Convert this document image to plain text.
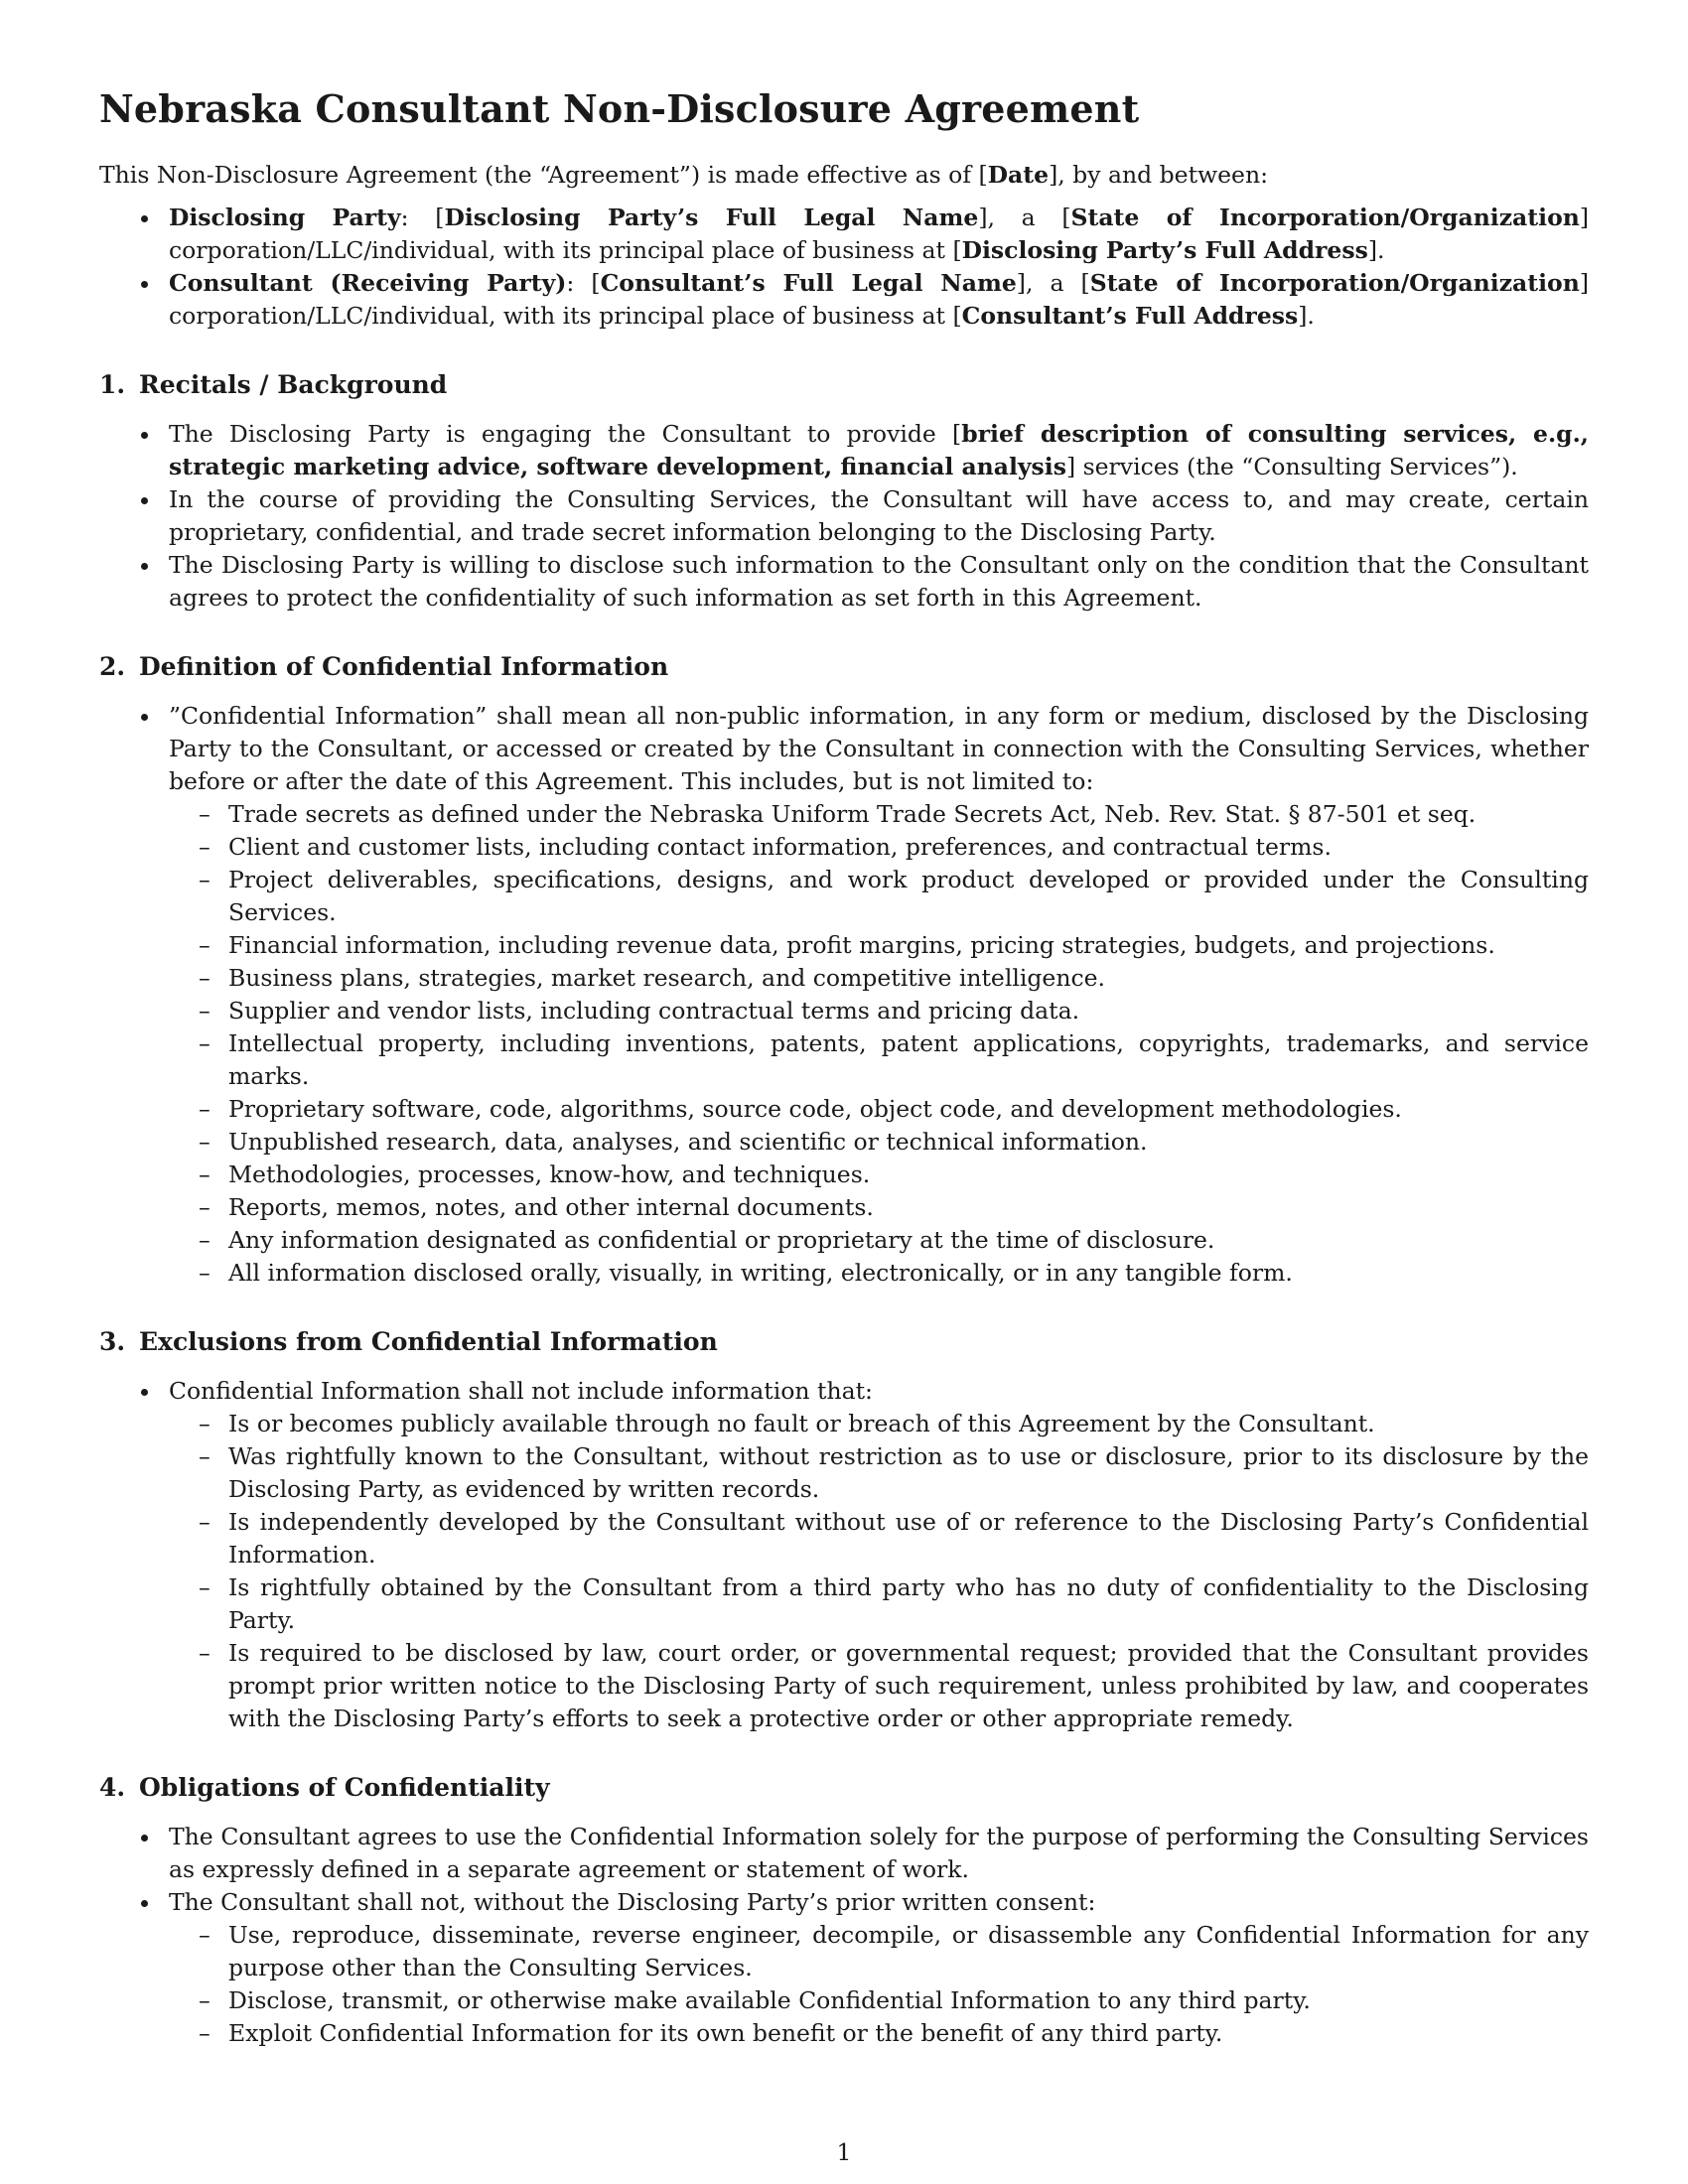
Nebraska Consultant Non-Disclosure Agreement

This Non-Disclosure Agreement (the “Agreement”) is made effective as of [Date], by and between:

Disclosing Party: [Disclosing Party’s Full Legal Name], a [State of Incorporation/Organization] corporation/LLC/individual, with its principal place of business at [Disclosing Party’s Full Address].
Consultant (Receiving Party): [Consultant’s Full Legal Name], a [State of Incorporation/Organization] corporation/LLC/individual, with its principal place of business at [Consultant’s Full Address].
1. Recitals / Background
The Disclosing Party is engaging the Consultant to provide [brief description of consulting services, e.g., strategic marketing advice, software development, financial analysis] services (the “Consulting Services”).
In the course of providing the Consulting Services, the Consultant will have access to, and may create, certain proprietary, confidential, and trade secret information belonging to the Disclosing Party.
The Disclosing Party is willing to disclose such information to the Consultant only on the condition that the Consultant agrees to protect the confidentiality of such information as set forth in this Agreement.
2. Definition of Confidential Information
”Confidential Information” shall mean all non-public information, in any form or medium, disclosed by the Disclosing Party to the Consultant, or accessed or created by the Consultant in connection with the Consulting Services, whether before or after the date of this Agreement. This includes, but is not limited to:
– Trade secrets as defined under the Nebraska Uniform Trade Secrets Act, Neb. Rev. Stat. § 87-501 et seq.
– Client and customer lists, including contact information, preferences, and contractual terms.
– Project deliverables, specifications, designs, and work product developed or provided under the Consulting Services.
– Financial information, including revenue data, profit margins, pricing strategies, budgets, and projections.
– Business plans, strategies, market research, and competitive intelligence.
– Supplier and vendor lists, including contractual terms and pricing data.
– Intellectual property, including inventions, patents, patent applications, copyrights, trademarks, and service marks.
– Proprietary software, code, algorithms, source code, object code, and development methodologies.
– Unpublished research, data, analyses, and scientific or technical information.
– Methodologies, processes, know-how, and techniques.
– Reports, memos, notes, and other internal documents.
– Any information designated as confidential or proprietary at the time of disclosure.
– All information disclosed orally, visually, in writing, electronically, or in any tangible form.
3. Exclusions from Confidential Information
Confidential Information shall not include information that:
– Is or becomes publicly available through no fault or breach of this Agreement by the Consultant.
– Was rightfully known to the Consultant, without restriction as to use or disclosure, prior to its disclosure by the Disclosing Party, as evidenced by written records.
– Is independently developed by the Consultant without use of or reference to the Disclosing Party’s Confidential Information.
– Is rightfully obtained by the Consultant from a third party who has no duty of confidentiality to the Disclosing Party.
– Is required to be disclosed by law, court order, or governmental request; provided that the Consultant provides prompt prior written notice to the Disclosing Party of such requirement, unless prohibited by law, and cooperates with the Disclosing Party’s efforts to seek a protective order or other appropriate remedy.
4. Obligations of Confidentiality
The Consultant agrees to use the Confidential Information solely for the purpose of performing the Consulting Services as expressly defined in a separate agreement or statement of work.
The Consultant shall not, without the Disclosing Party’s prior written consent:
– Use, reproduce, disseminate, reverse engineer, decompile, or disassemble any Confidential Information for any purpose other than the Consulting Services.
– Disclose, transmit, or otherwise make available Confidential Information to any third party.
– Exploit Confidential Information for its own benefit or the benefit of any third party.
1
